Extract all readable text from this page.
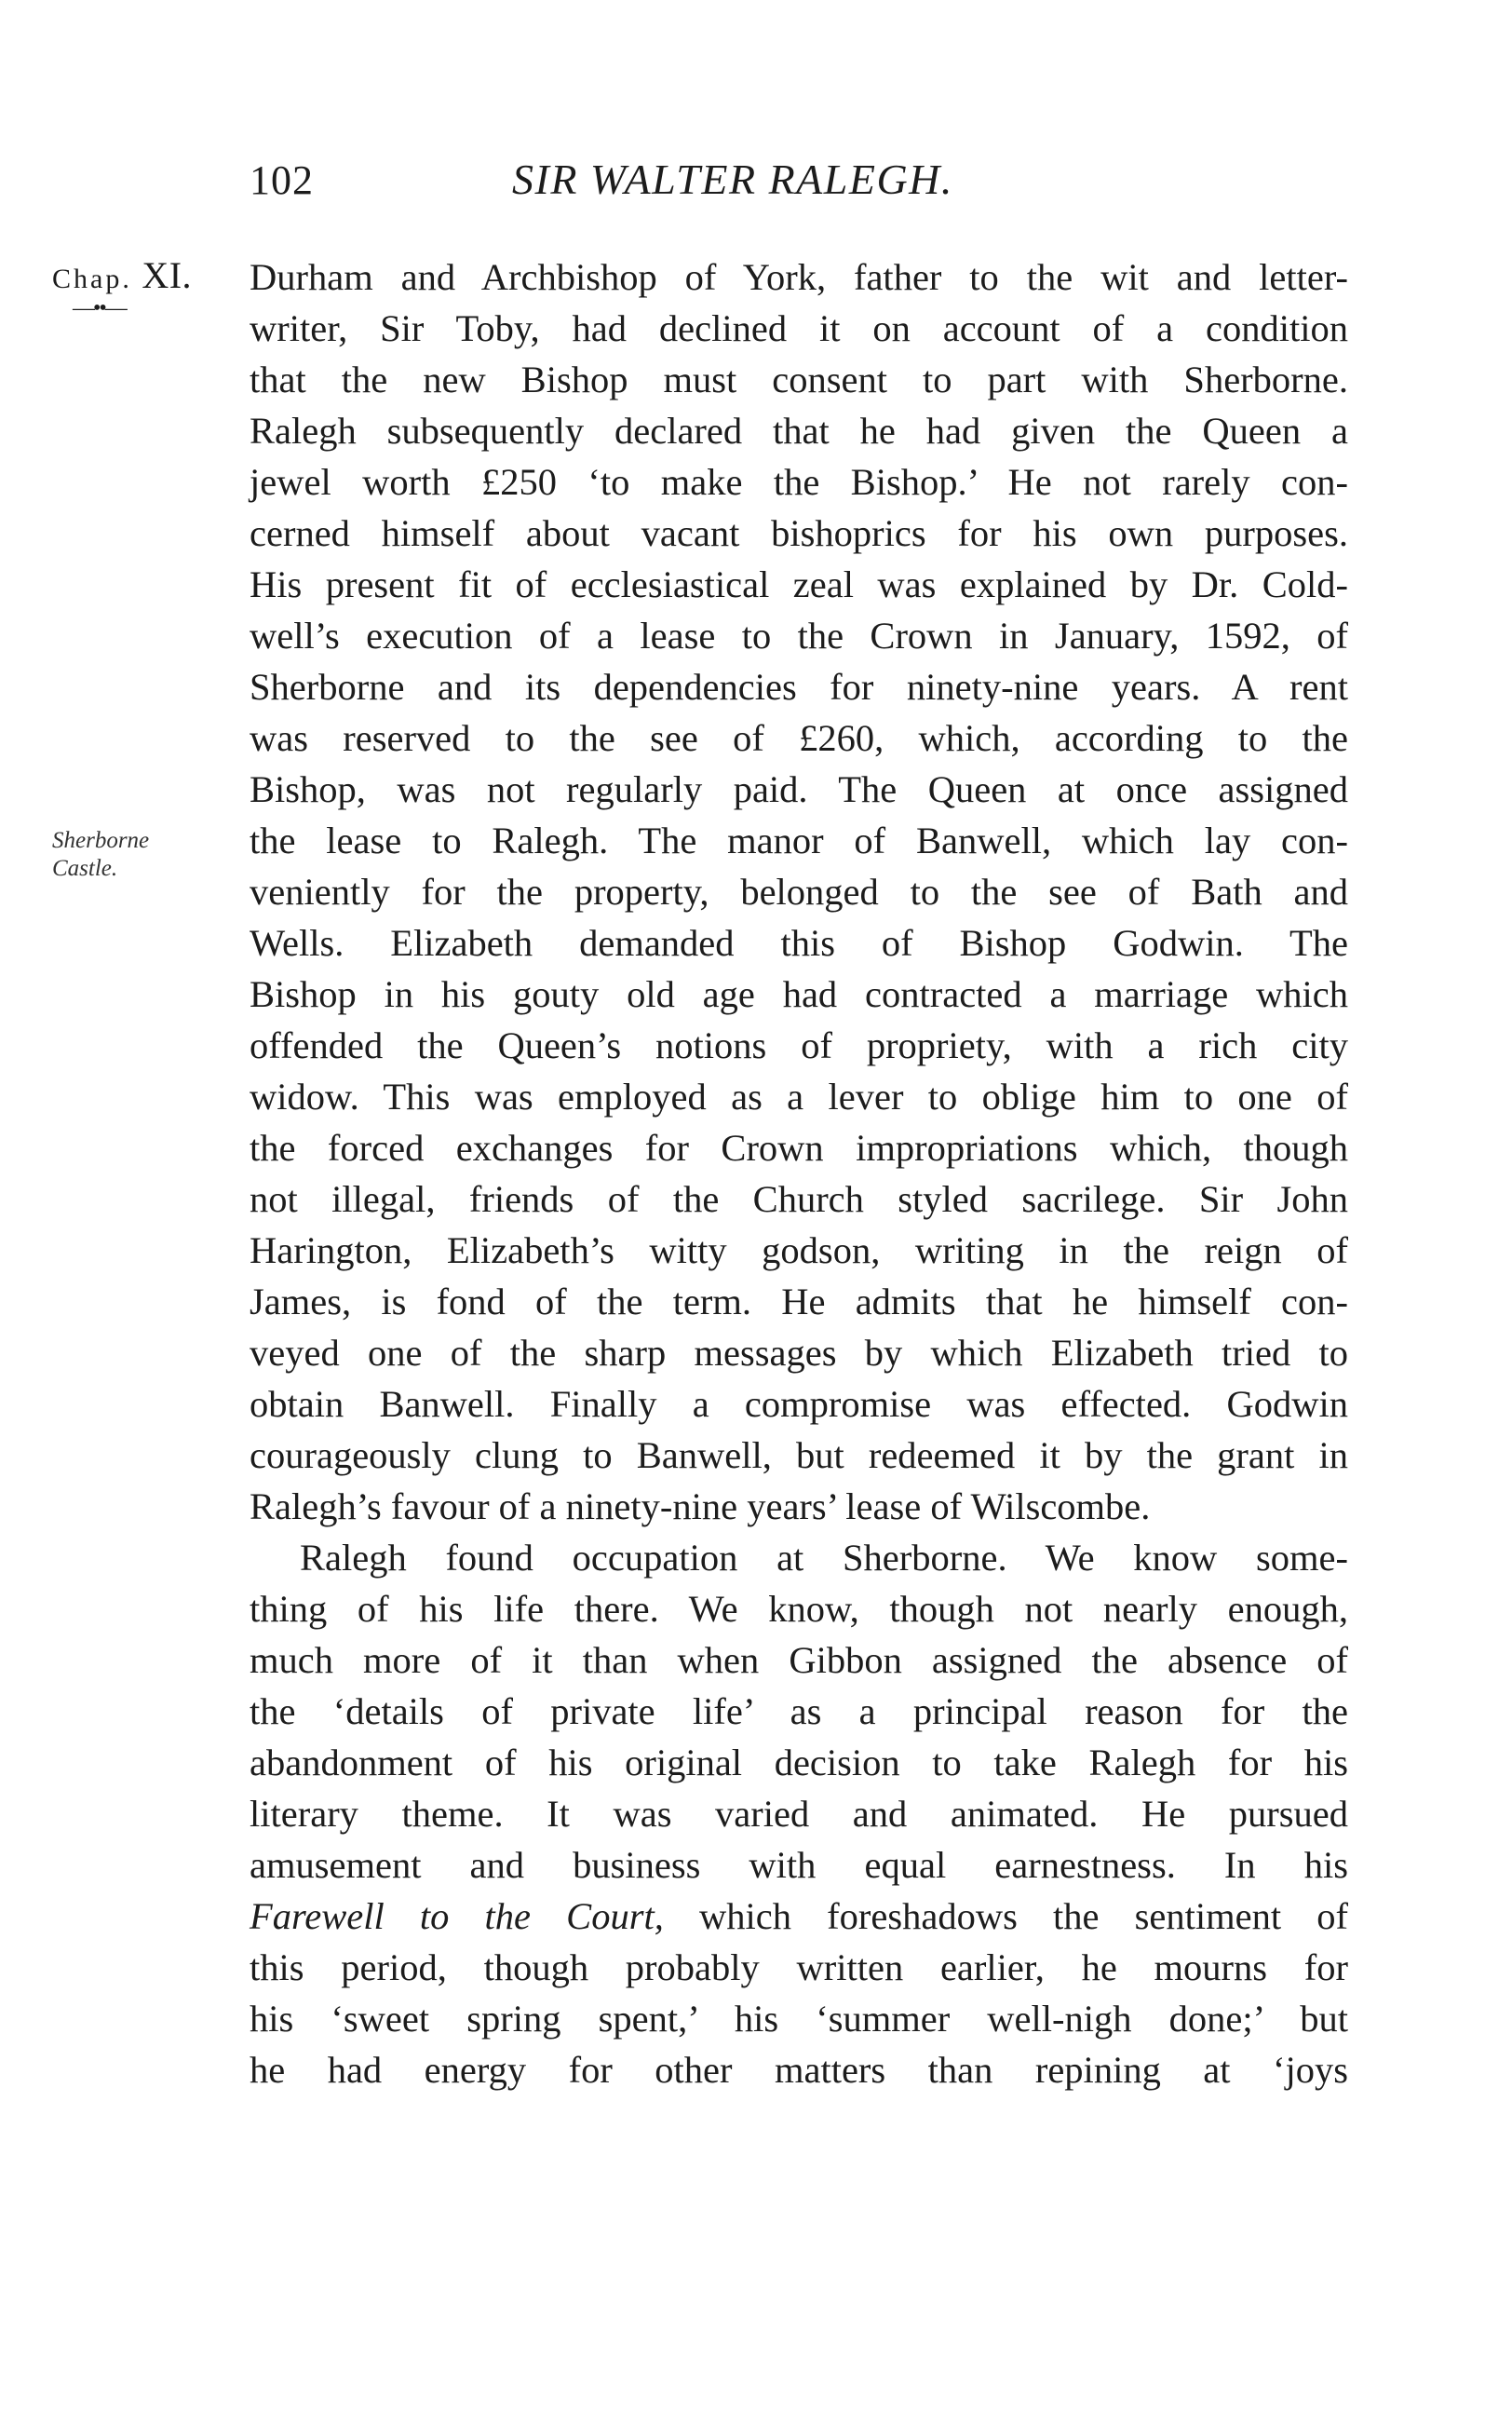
102	SIR WALTER RALEGH.
Chap. XI.
—••—
Sherborne
Castle.
Durham and Archbishop of York, father to the wit and letter-
writer, Sir Toby, had declined it on account of a condition
that the new Bishop must consent to part with Sherborne.
Ralegh subsequently declared that he had given the Queen a
jewel worth £250 ‘to make the Bishop.’ He not rarely con-
cerned himself about vacant bishoprics for his own purposes.
His present fit of ecclesiastical zeal was explained by Dr. Cold-
well’s execution of a lease to the Crown in January, 1592, of
Sherborne and its dependencies for ninety-nine years. A rent
was reserved to the see of £260, which, according to the
Bishop, was not regularly paid. The Queen at once assigned
the lease to Ralegh. The manor of Banwell, which lay con-
veniently for the property, belonged to the see of Bath and
Wells. Elizabeth demanded this of Bishop Godwin. The
Bishop in his gouty old age had contracted a marriage which
offended the Queen’s notions of propriety, with a rich city
widow. This was employed as a lever to oblige him to one of
the forced exchanges for Crown impropriations which, though
not illegal, friends of the Church styled sacrilege. Sir John
Harington, Elizabeth’s witty godson, writing in the reign of
James, is fond of the term. He admits that he himself con-
veyed one of the sharp messages by which Elizabeth tried to
obtain Banwell. Finally a compromise was effected. Godwin
courageously clung to Banwell, but redeemed it by the grant in
Ralegh’s favour of a ninety-nine years’ lease of Wilscombe.
Ralegh found occupation at Sherborne. We know some-
thing of his life there. We know, though not nearly enough,
much more of it than when Gibbon assigned the absence of
the ‘details of private life’ as a principal reason for the
abandonment of his original decision to take Ralegh for his
literary theme. It was varied and animated. He pursued
amusement and business with equal earnestness. In his
Farewell to the Court, which foreshadows the sentiment of
this period, though probably written earlier, he mourns for
his ‘sweet spring spent,’ his ‘summer well-nigh done;’ but
he had energy for other matters than repining at ‘joys
